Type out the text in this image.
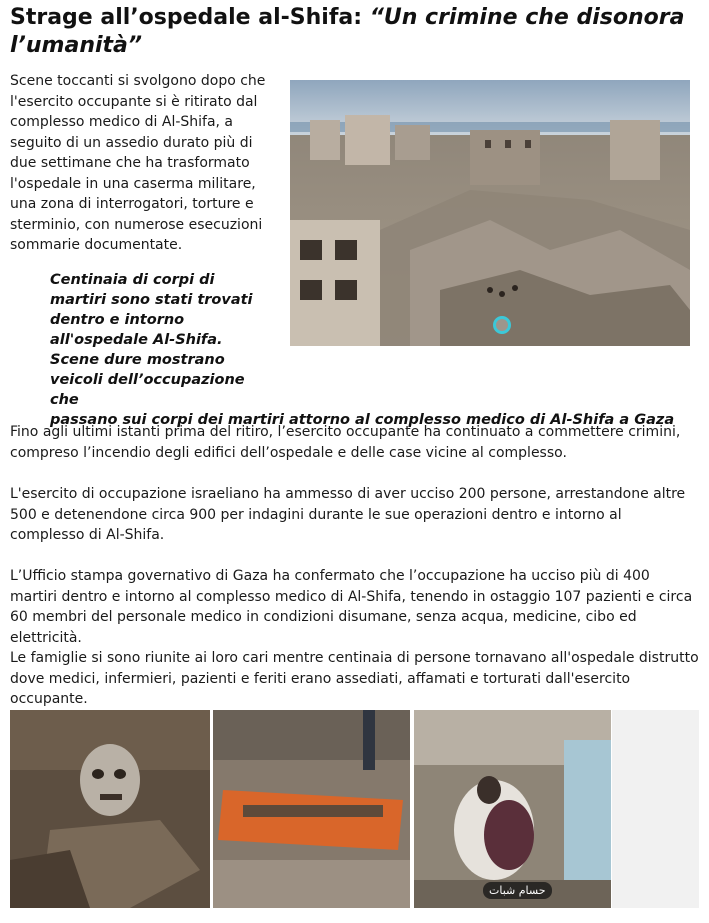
Strage all’ospedale al-Shifa: “Un crimine che disonora l’umanità”

Scene toccanti si svolgono dopo che l'esercito occupante si è ritirato dal complesso medico di Al-Shifa, a seguito di un assedio durato più di due settimane che ha trasformato l'ospedale in una caserma militare, una zona di interrogatori, torture e sterminio, con numerose esecuzioni sommarie documentate.

Centinaia di corpi di martiri sono stati trovati dentro e intorno all'ospedale Al-Shifa. Scene dure mostrano veicoli dell’occupazione che
passano sui corpi dei martiri attorno al complesso medico di Al-Shifa a Gaza

Fino agli ultimi istanti prima del ritiro, l’esercito occupante ha continuato a commettere crimini, compreso l’incendio degli edifici dell’ospedale e delle case vicine al complesso.

L'esercito di occupazione israeliano ha ammesso di aver ucciso 200 persone, arrestandone altre 500 e detenendone circa 900 per indagini durante le sue operazioni dentro e intorno al complesso di Al-Shifa.

L’Ufficio stampa governativo di Gaza ha confermato che l’occupazione ha ucciso più di 400 martiri dentro e intorno al complesso medico di Al-Shifa, tenendo in ostaggio 107 pazienti e circa 60 membri del personale medico in condizioni disumane, senza acqua, medicine, cibo ed elettricità.

Le famiglie si sono riunite ai loro cari mentre centinaia di persone tornavano all'ospedale distrutto dove medici, infermieri, pazienti e feriti erano assediati, affamati e torturati dall'esercito occupante.

حسام شبات
